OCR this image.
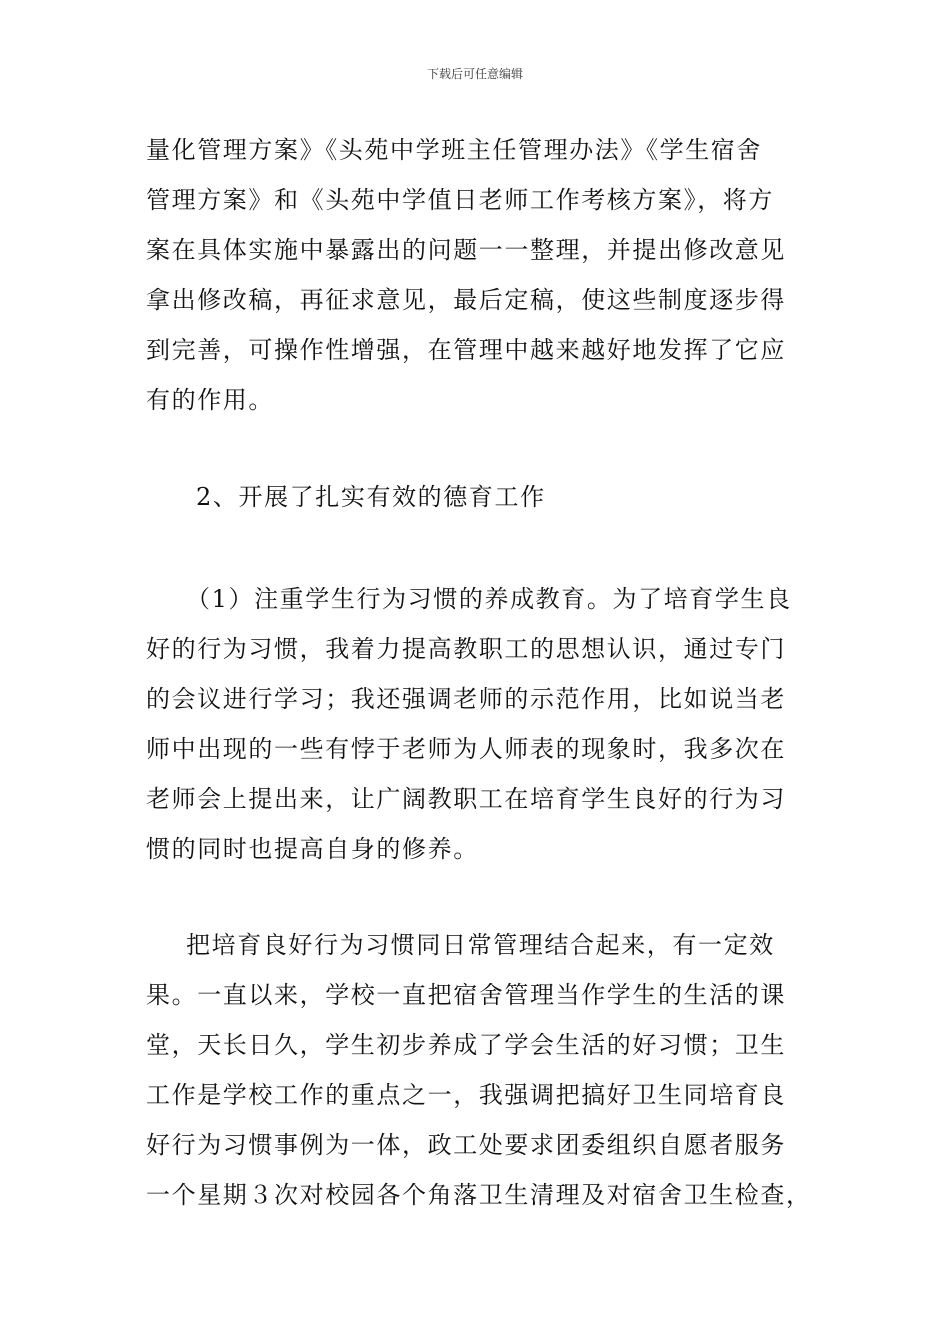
下载后可任意编辑
量化管理方案》《头苑中学班主任管理办法》《学生宿舍
管理方案》和《头苑中学值日老师工作考核方案》，将方
案在具体实施中暴露出的问题一一整理，并提出修改意见
拿出修改稿，再征求意见，最后定稿，使这些制度逐步得
到完善，可操作性增强，在管理中越来越好地发挥了它应
有的作用。
2、开展了扎实有效的德育工作
（1）注重学生行为习惯的养成教育。为了培育学生良
好的行为习惯，我着力提高教职工的思想认识，通过专门
的会议进行学习；我还强调老师的示范作用，比如说当老
师中出现的一些有悖于老师为人师表的现象时，我多次在
老师会上提出来，让广阔教职工在培育学生良好的行为习
惯的同时也提高自身的修养。
把培育良好行为习惯同日常管理结合起来，有一定效
果。一直以来，学校一直把宿舍管理当作学生的生活的课
堂，天长日久，学生初步养成了学会生活的好习惯；卫生
工作是学校工作的重点之一，我强调把搞好卫生同培育良
好行为习惯事例为一体，政工处要求团委组织自愿者服务
一个星期３次对校园各个角落卫生清理及对宿舍卫生检查，
